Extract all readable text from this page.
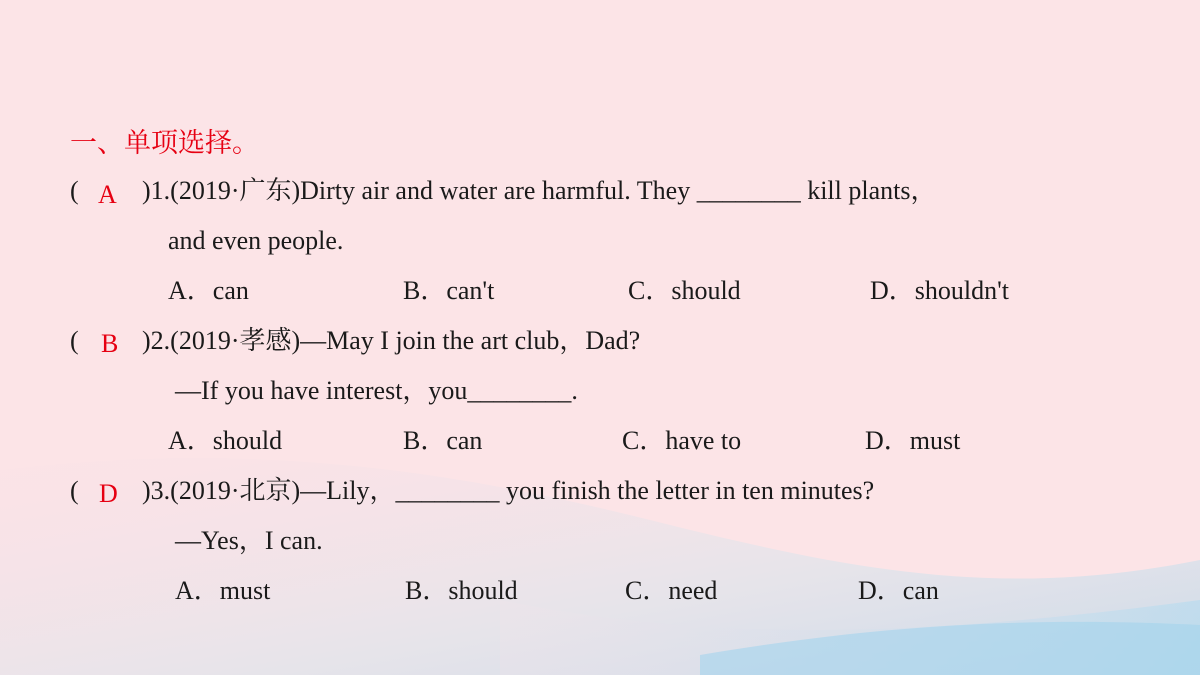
一、单项选择。
( A )1.(2019·广东)Dirty air and water are harmful. They ________ kill plants，
and even people.
A．can	B．can't	C．should	D．shouldn't
( B )2.(2019·孝感)—May I join the art club，Dad?
—If you have interest，you________.
A．should	B．can	C．have to	D．must
( D )3.(2019·北京)—Lily，________ you finish the letter in ten minutes?
—Yes，I can.
A．must	B．should	C．need	D．can
